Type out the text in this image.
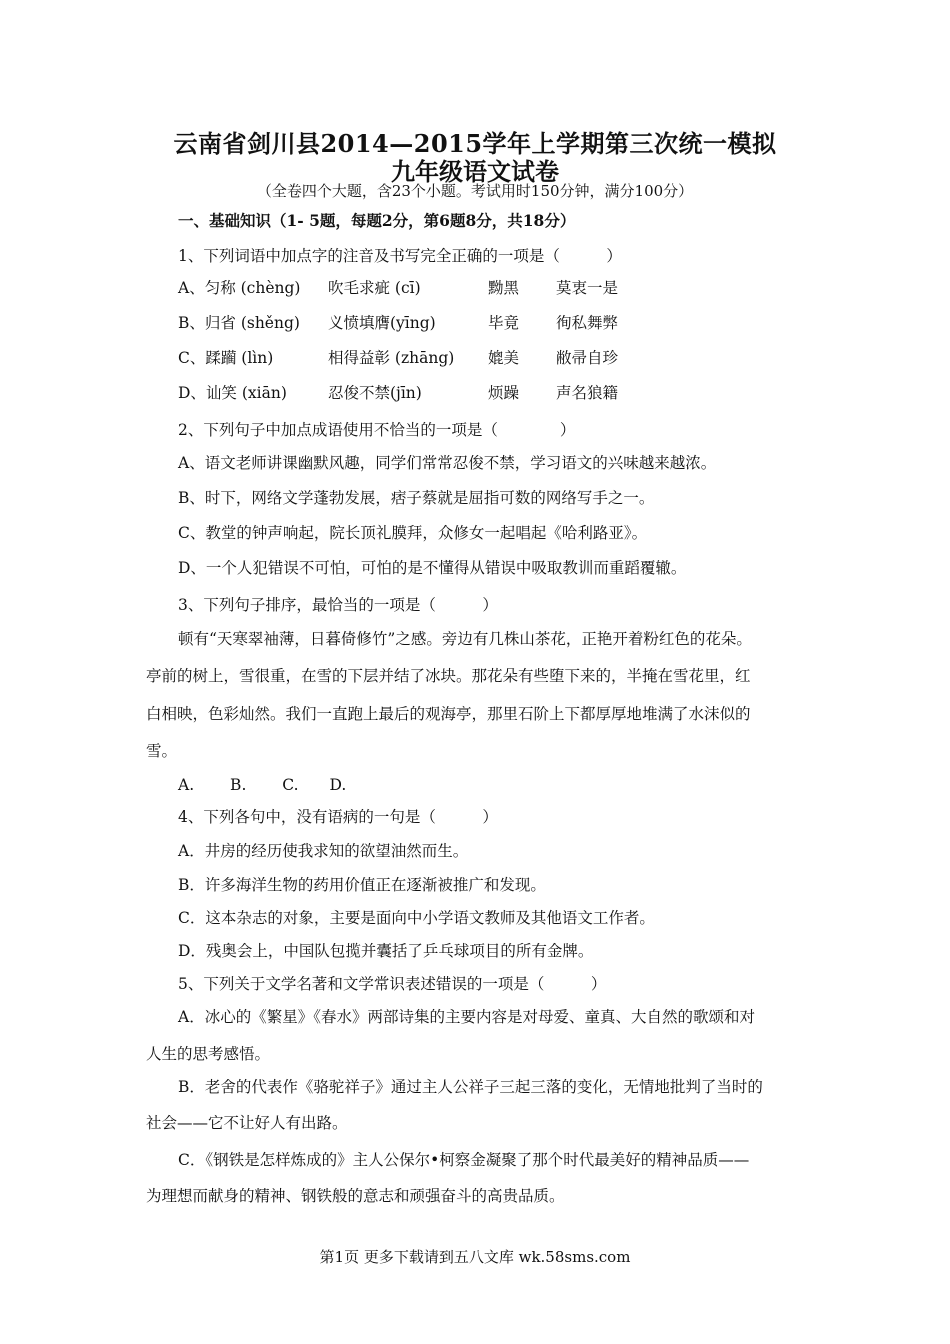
云南省剑川县2014—2015学年上学期第三次统一模拟
九年级语文试卷
（全卷四个大题，含23个小题。考试用时150分钟，满分100分）
一、基础知识（1- 5题，每题2分，第6题8分，共18分）
1、下列词语中加点字的注音及书写完全正确的一项是（　　　）
A、匀称 (chèng) 吹毛求疵 (cī)	黝黑 莫衷一是
B、归省 (shěng) 义愤填膺(yīng)	毕竟 徇私舞弊
C、蹂躏 (lìn)	相得益彰 (zhāng) 媲美 敝帚自珍
D、讪笑 (xiān)	忍俊不禁(jīn)	烦躁 声名狼籍
2、下列句子中加点成语使用不恰当的一项是（　　　　）
A、语文老师讲课幽默风趣，同学们常常忍俊不禁，学习语文的兴味越来越浓。
B、时下，网络文学蓬勃发展，痞子蔡就是屈指可数的网络写手之一。
C、教堂的钟声响起，院长顶礼膜拜，众修女一起唱起《哈利路亚》。
D、一个人犯错误不可怕，可怕的是不懂得从错误中吸取教训而重蹈覆辙。
3、下列句子排序，最恰当的一项是（　　　）
顿有“天寒翠袖薄，日暮倚修竹”之感。旁边有几株山茶花，正艳开着粉红色的花朵。
亭前的树上，雪很重，在雪的下层并结了冰块。那花朵有些堕下来的，半掩在雪花里，红
白相映，色彩灿然。我们一直跑上最后的观海亭，那里石阶上下都厚厚地堆满了水沫似的
雪。
A.　　 B.　　 C.　　D.
4、下列各句中，没有语病的一句是（　　　）
A．井房的经历使我求知的欲望油然而生。
B．许多海洋生物的药用价值正在逐渐被推广和发现。
C．这本杂志的对象，主要是面向中小学语文教师及其他语文工作者。
D．残奥会上，中国队包揽并囊括了乒乓球项目的所有金牌。
5、下列关于文学名著和文学常识表述错误的一项是（　　　）
A．冰心的《繁星》《春水》两部诗集的主要内容是对母爱、童真、大自然的歌颂和对
人生的思考感悟。
B．老舍的代表作《骆驼祥子》通过主人公祥子三起三落的变化，无情地批判了当时的
社会——它不让好人有出路。
C．《钢铁是怎样炼成的》主人公保尔•柯察金凝聚了那个时代最美好的精神品质——
为理想而献身的精神、钢铁般的意志和顽强奋斗的高贵品质。
第1页 更多下载请到五八文库 wk.58sms.com
